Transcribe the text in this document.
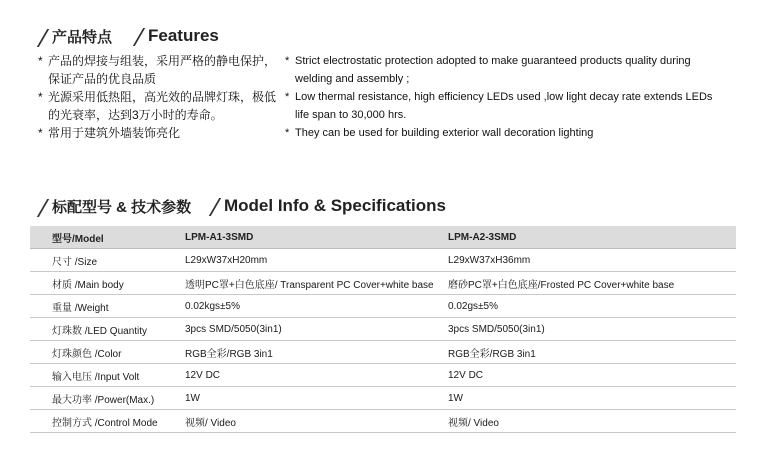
产品特点	Features
* 产品的焊接与组装，采用严格的静电保护，保证产品的优良品质
* 光源采用低热阻，高光效的品牌灯珠，极低的光衰率，达到3万小时的寿命。
* 常用于建筑外墙装饰亮化
* Strict electrostatic protection adopted to make guaranteed products quality during welding and assembly ;
* Low thermal resistance, high efficiency LEDs used ,low light decay rate extends LEDs life span to 30,000 hrs.
* They can be used for building exterior wall decoration lighting
标配型号 & 技术参数	Model Info & Specifications
型号/Model	LPM-A1-3SMD	LPM-A2-3SMD
尺寸 /Size	L29xW37xH20mm	L29xW37xH36mm
材质 /Main body	透明PC罩+白色底座/ Transparent PC Cover+white base	磨砂PC罩+白色底座/Frosted PC Cover+white base
重量 /Weight	0.02kgs±5%	0.02gs±5%
灯珠数 /LED Quantity	3pcs SMD/5050(3in1)	3pcs SMD/5050(3in1)
灯珠颜色 /Color	RGB全彩/RGB 3in1	RGB全彩/RGB 3in1
输入电压 /Input Volt	12V DC	12V DC
最大功率 /Power(Max.)	1W	1W
控制方式 /Control Mode	视频/ Video	视频/ Video
